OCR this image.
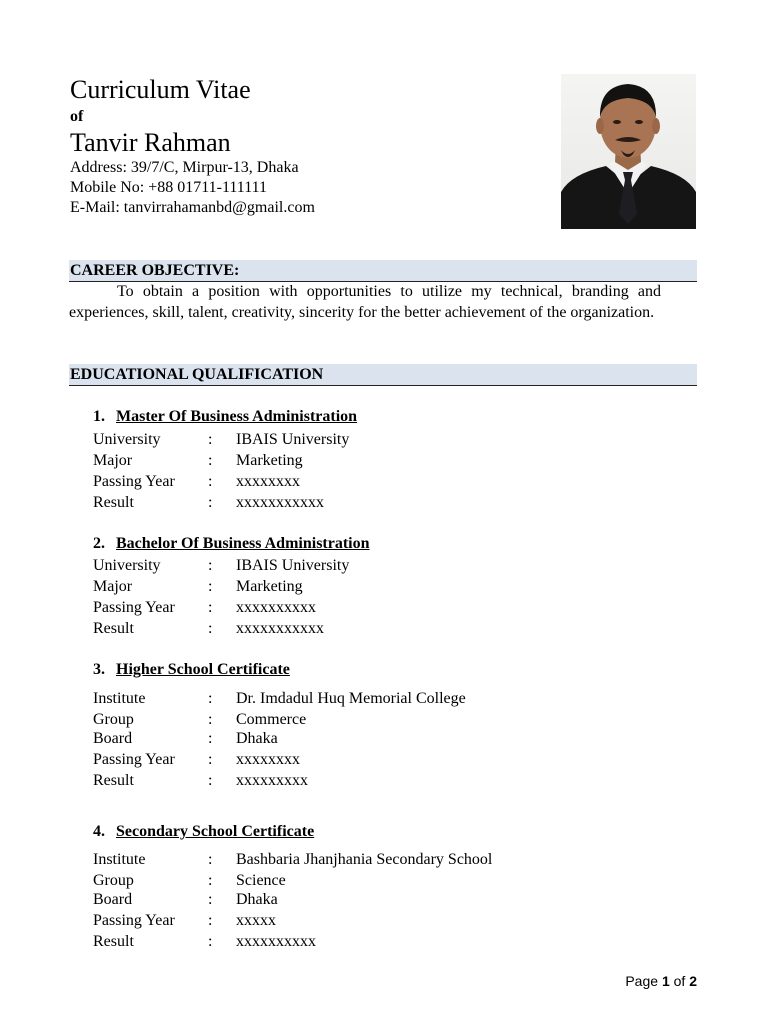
Curriculum Vitae
of
Tanvir Rahman
Address: 39/7/C, Mirpur-13, Dhaka
Mobile No: +88 01711-111111
E-Mail: tanvirrahamanbd@gmail.com
CAREER OBJECTIVE:

To obtain a position with opportunities to utilize my technical, branding and experiences, skill, talent, creativity, sincerity for the better achievement of the organization.

EDUCATIONAL QUALIFICATION
1. Master Of Business Administration
University	: IBAIS University
Major	: Marketing
Passing Year : xxxxxxxx
Result	: xxxxxxxxxxx
2. Bachelor Of Business Administration
University	: IBAIS University
Major	: Marketing
Passing Year : xxxxxxxxxx
Result	: xxxxxxxxxxx
3. Higher School Certificate
Institute	: Dr. Imdadul Huq Memorial College
Group	: Commerce
Board	: Dhaka
Passing Year : xxxxxxxx
Result	: xxxxxxxxx
4. Secondary School Certificate
Institute	: Bashbaria Jhanjhania Secondary School
Group	: Science
Board	: Dhaka
Passing Year : xxxxx
Result	: xxxxxxxxxx
Page 1 of 2
